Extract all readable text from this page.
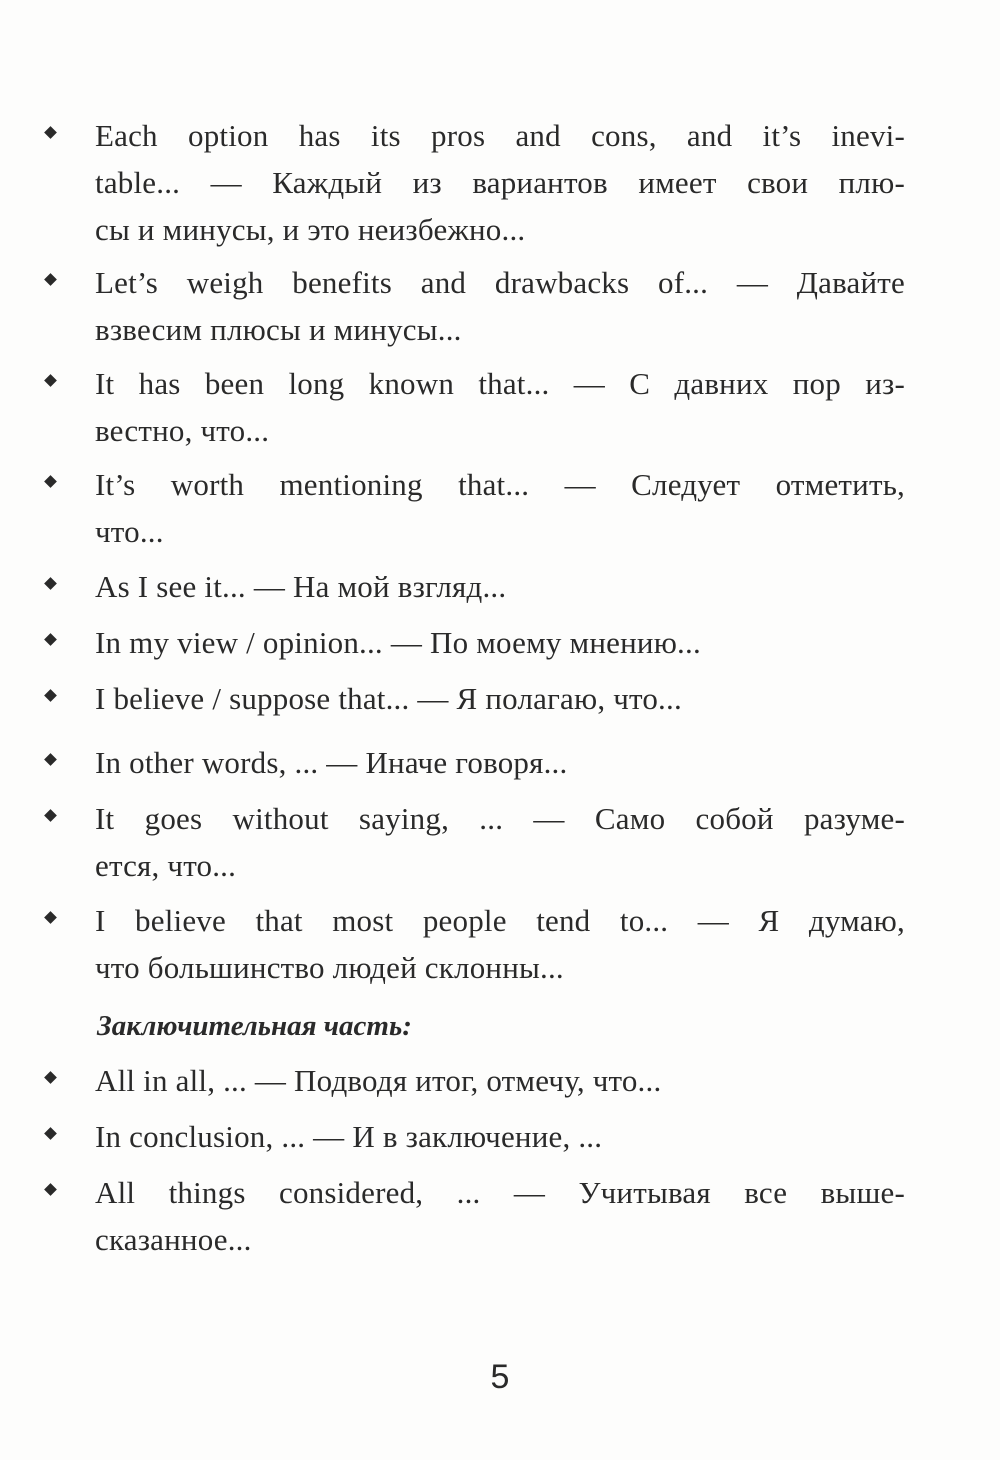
Each option has its pros and cons, and it’s inevi-
table... — Каждый из вариантов имеет свои плю-
сы и минусы, и это неизбежно...
Let’s weigh benefits and drawbacks of... — Давайте
взвесим плюсы и минусы...
It has been long known that... — С давних пор из-
вестно, что...
It’s worth mentioning that... — Следует отметить,
что...
As I see it... — На мой взгляд...
In my view / opinion... — По моему мнению...
I believe / suppose that... — Я полагаю, что...
In other words, ... — Иначе говоря...
It goes without saying, ... — Само собой разуме-
ется, что...
I believe that most people tend to... — Я думаю,
что большинство людей склонны...
Заключительная часть:
All in all, ... — Подводя итог, отмечу, что...
In conclusion, ... — И в заключение, ...
All things considered, ... — Учитывая все выше-
сказанное...
5
